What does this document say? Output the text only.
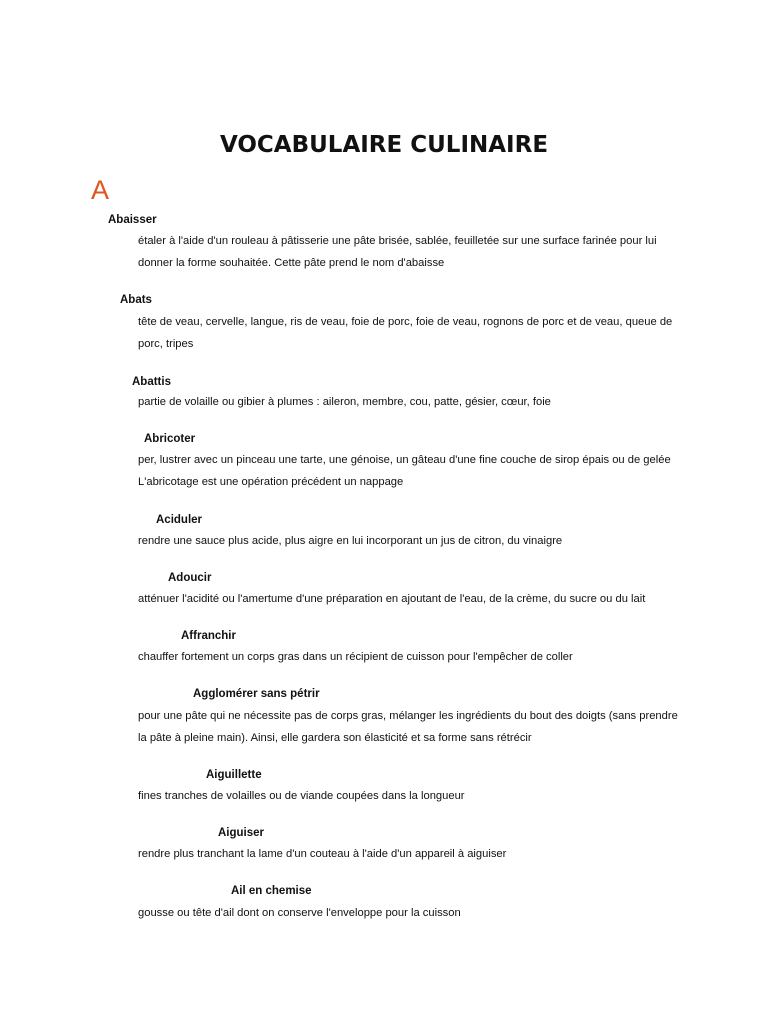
VOCABULAIRE CULINAIRE
A
Abaisser
étaler à l'aide d'un rouleau à pâtisserie une pâte brisée, sablée, feuilletée sur une surface farinée pour lui donner la forme souhaitée. Cette pâte prend le nom d'abaisse
Abats
tête de veau, cervelle, langue, ris de veau, foie de porc, foie de veau, rognons de porc et de veau, queue de porc, tripes
Abattis
partie de volaille ou gibier à plumes : aileron, membre, cou, patte, gésier, cœur, foie
Abricoter
per, lustrer avec un pinceau une tarte, une génoise, un gâteau d'une fine couche de sirop épais ou de gelée L'abricotage est une opération précédent un nappage
Aciduler
rendre une sauce plus acide, plus aigre en lui incorporant un jus de citron, du vinaigre
Adoucir
atténuer l'acidité ou l'amertume d'une préparation en ajoutant de l'eau, de la crème, du sucre ou du lait
Affranchir
chauffer fortement un corps gras dans un récipient de cuisson pour l'empêcher de coller
Agglomérer sans pétrir
pour une pâte qui ne nécessite pas de corps gras, mélanger les ingrédients du bout des doigts (sans prendre la pâte à pleine main). Ainsi, elle gardera son élasticité et sa forme sans rétrécir
Aiguillette
fines tranches de volailles ou de viande coupées dans la longueur
Aiguiser
rendre plus tranchant la lame d'un couteau à l'aide d'un appareil à aiguiser
Ail en chemise
gousse ou tête d'ail dont on conserve l'enveloppe pour la cuisson
